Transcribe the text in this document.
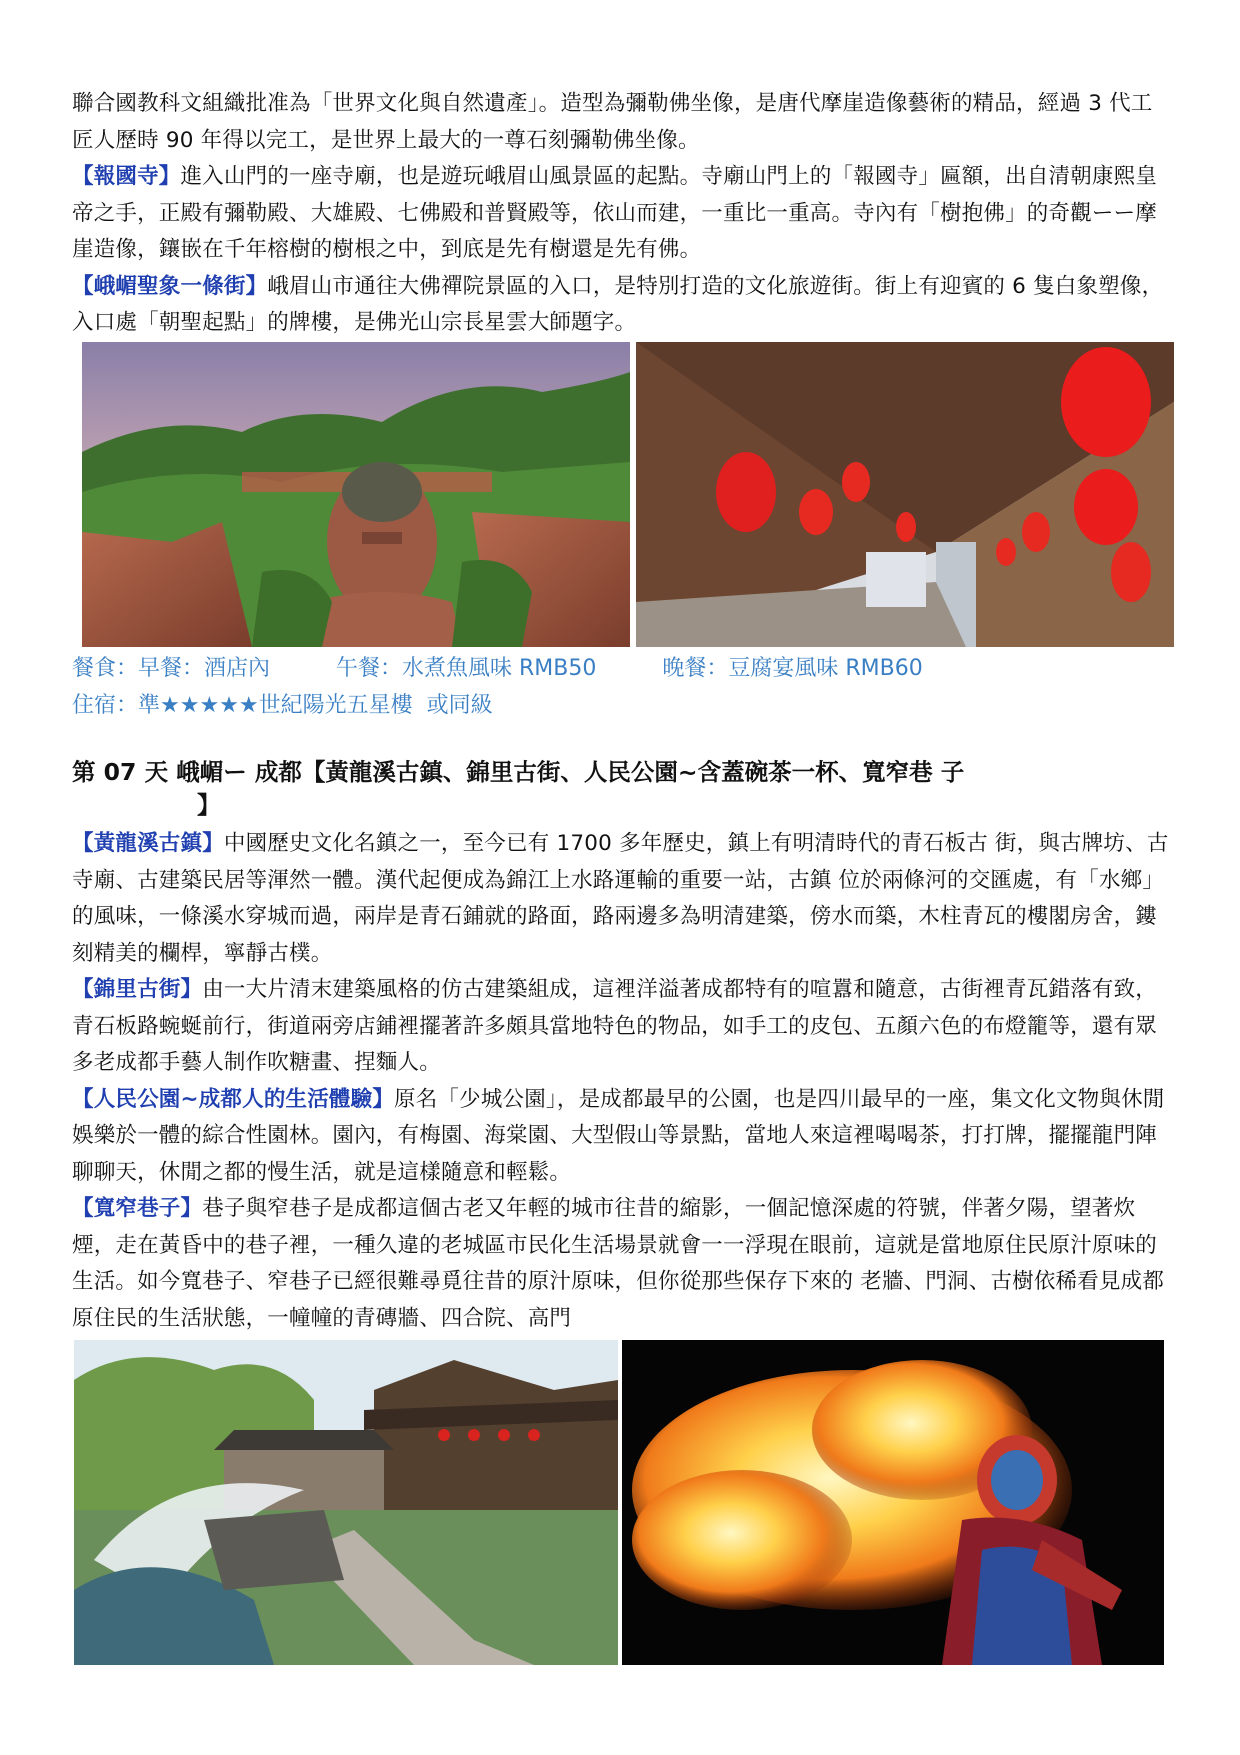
聯合國教科文組織批准為「世界文化與自然遺產」。造型為彌勒佛坐像，是唐代摩崖造像藝術的精品，經過 3 代工匠人歷時 90 年得以完工，是世界上最大的一尊石刻彌勒佛坐像。

【報國寺】進入山門的一座寺廟，也是遊玩峨眉山風景區的起點。寺廟山門上的「報國寺」匾額，出自清朝康熙皇帝之手，正殿有彌勒殿、大雄殿、七佛殿和普賢殿等，依山而建，一重比一重高。寺內有「樹抱佛」的奇觀ーー摩崖造像，鑲嵌在千年榕樹的樹根之中，到底是先有樹還是先有佛。

【峨嵋聖象一條街】峨眉山市通往大佛禪院景區的入口，是特別打造的文化旅遊街。街上有迎賓的 6 隻白象塑像，入口處「朝聖起點」的牌樓，是佛光山宗長星雲大師題字。

餐食：早餐：酒店內　　　午餐：水煮魚風味 RMB50　　　晚餐：豆腐宴風味 RMB60

住宿：準★★★★★世紀陽光五星樓  或同級

第 07 天 峨嵋ー 成都【黃龍溪古鎮、錦里古街、人民公園~含蓋碗茶一杯、寬窄巷 子
】

【黃龍溪古鎮】中國歷史文化名鎮之一，至今已有 1700 多年歷史，鎮上有明清時代的青石板古 街，與古牌坊、古寺廟、古建築民居等渾然一體。漢代起便成為錦江上水路運輸的重要一站，古鎮 位於兩條河的交匯處，有「水鄉」的風味，一條溪水穿城而過，兩岸是青石鋪就的路面，路兩邊多為明清建築，傍水而築，木柱青瓦的樓閣房舍，鏤刻精美的欄桿，寧靜古樸。

【錦里古街】由一大片清末建築風格的仿古建築組成，這裡洋溢著成都特有的喧囂和隨意，古街裡青瓦錯落有致，青石板路蜿蜒前行，街道兩旁店鋪裡擺著許多頗具當地特色的物品，如手工的皮包、五顏六色的布燈籠等，還有眾多老成都手藝人制作吹糖畫、捏麵人。

【人民公園~成都人的生活體驗】原名「少城公園」，是成都最早的公園，也是四川最早的一座，集文化文物與休閒娛樂於一體的綜合性園林。園內，有梅園、海棠園、大型假山等景點，當地人來這裡喝喝茶，打打牌，擺擺龍門陣聊聊天，休閒之都的慢生活，就是這樣隨意和輕鬆。

【寬窄巷子】巷子與窄巷子是成都這個古老又年輕的城市往昔的縮影，一個記憶深處的符號，伴著夕陽，望著炊煙，走在黃昏中的巷子裡，一種久違的老城區市民化生活場景就會一一浮現在眼前，這就是當地原住民原汁原味的生活。如今寬巷子、窄巷子已經很難尋覓往昔的原汁原味，但你從那些保存下來的 老牆、門洞、古樹依稀看見成都原住民的生活狀態，一幢幢的青磚牆、四合院、高門
